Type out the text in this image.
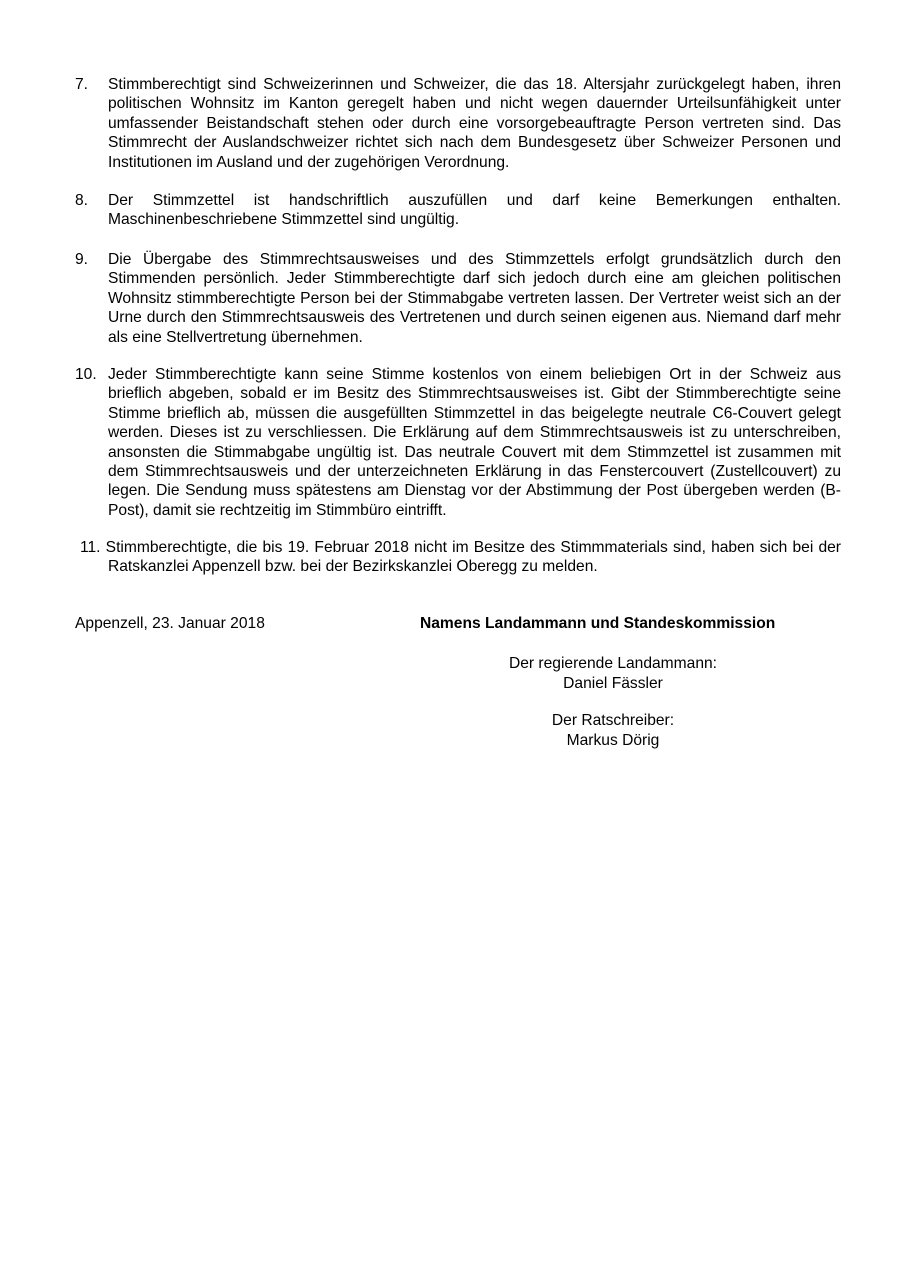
7. Stimmberechtigt sind Schweizerinnen und Schweizer, die das 18. Altersjahr zurückgelegt haben, ihren politischen Wohnsitz im Kanton geregelt haben und nicht wegen dauernder Urteilsunfähigkeit unter umfassender Beistandschaft stehen oder durch eine vorsorgebeauftragte Person vertreten sind. Das Stimmrecht der Auslandschweizer richtet sich nach dem Bundesgesetz über Schweizer Personen und Institutionen im Ausland und der zugehörigen Verordnung.
8. Der Stimmzettel ist handschriftlich auszufüllen und darf keine Bemerkungen enthalten. Maschinenbeschriebene Stimmzettel sind ungültig.
9. Die Übergabe des Stimmrechtsausweises und des Stimmzettels erfolgt grundsätzlich durch den Stimmenden persönlich. Jeder Stimmberechtigte darf sich jedoch durch eine am gleichen politischen Wohnsitz stimmberechtigte Person bei der Stimmabgabe vertreten lassen. Der Vertreter weist sich an der Urne durch den Stimmrechtsausweis des Vertretenen und durch seinen eigenen aus. Niemand darf mehr als eine Stellvertretung übernehmen.
10. Jeder Stimmberechtigte kann seine Stimme kostenlos von einem beliebigen Ort in der Schweiz aus brieflich abgeben, sobald er im Besitz des Stimmrechtsausweises ist. Gibt der Stimmberechtigte seine Stimme brieflich ab, müssen die ausgefüllten Stimmzettel in das beigelegte neutrale C6-Couvert gelegt werden. Dieses ist zu verschliessen. Die Erklärung auf dem Stimmrechtsausweis ist zu unterschreiben, ansonsten die Stimmabgabe ungültig ist. Das neutrale Couvert mit dem Stimmzettel ist zusammen mit dem Stimmrechtsausweis und der unterzeichneten Erklärung in das Fenstercouvert (Zustellcouvert) zu legen. Die Sendung muss spätestens am Dienstag vor der Abstimmung der Post übergeben werden (B-Post), damit sie rechtzeitig im Stimmbüro eintrifft.
11. Stimmberechtigte, die bis 19. Februar 2018 nicht im Besitze des Stimmmaterials sind, haben sich bei der Ratskanzlei Appenzell bzw. bei der Bezirkskanzlei Oberegg zu melden.
Appenzell, 23. Januar 2018	Namens Landammann und Standeskommission
Der regierende Landammann:
Daniel Fässler
Der Ratschreiber:
Markus Dörig
